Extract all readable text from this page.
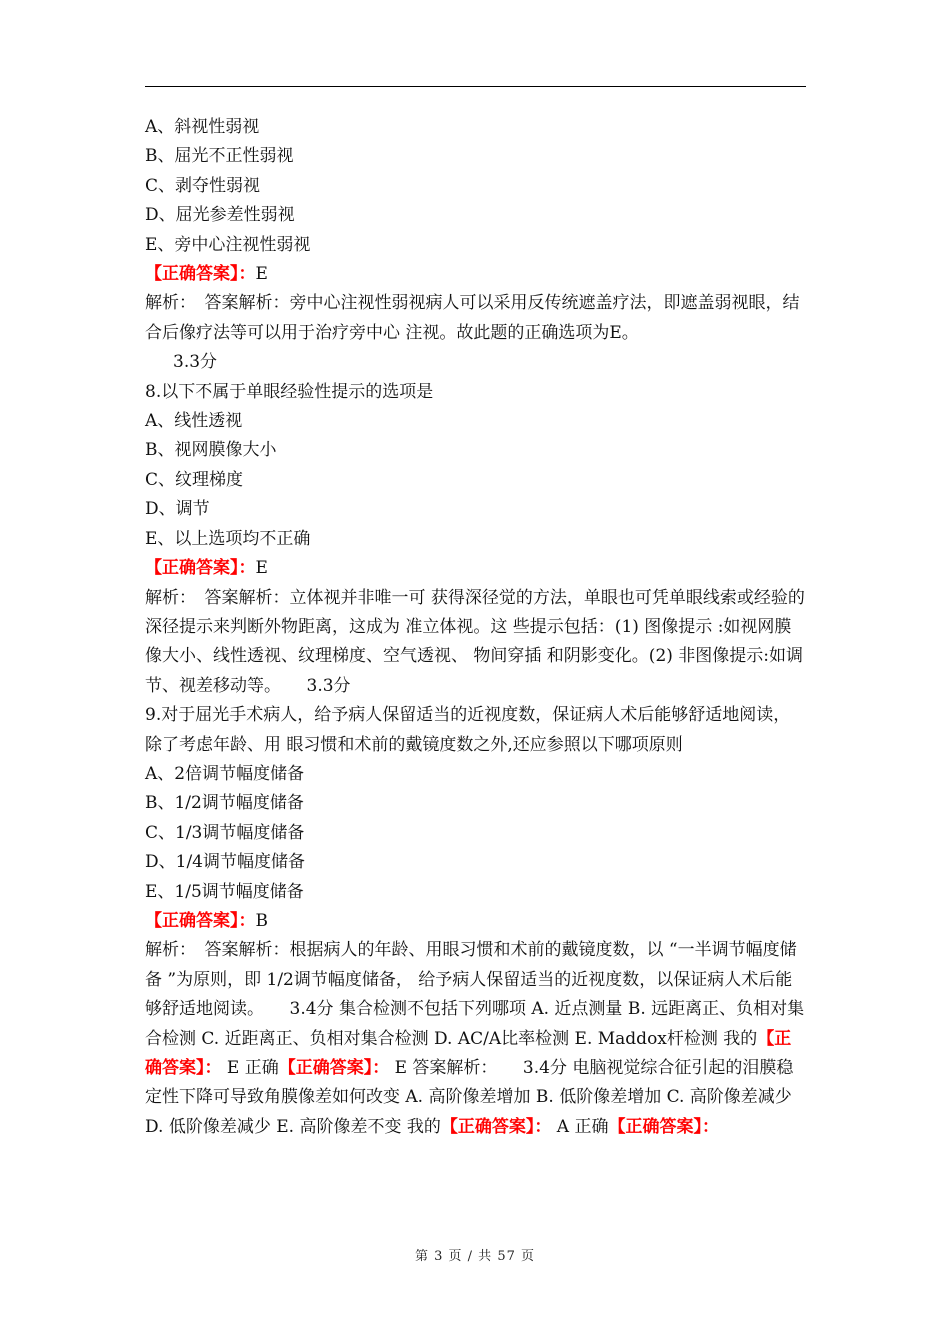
A、斜视性弱视
B、屈光不正性弱视
C、剥夺性弱视
D、屈光参差性弱视
E、旁中心注视性弱视
【正确答案】：E
解析：　答案解析：旁中心注视性弱视病人可以采用反传统遮盖疗法，即遮盖弱视眼，结合后像疗法等可以用于治疗旁中心 注视。故此题的正确选项为E。
3.3分
8.以下不属于单眼经验性提示的选项是
A、线性透视
B、视网膜像大小
C、纹理梯度
D、调节
E、以上选项均不正确
【正确答案】：E
解析：　答案解析：立体视并非唯一可 获得深径觉的方法，单眼也可凭单眼线索或经验的深径提示来判断外物距离，这成为 准立体视。这 些提示包括：(1) 图像提示 :如视网膜像大小、线性透视、纹理梯度、空气透视、 物间穿插 和阴影变化。(2) 非图像提示:如调节、视差移动等。　　3.3分
9.对于屈光手术病人，给予病人保留适当的近视度数，保证病人术后能够舒适地阅读，除了考虑年龄、用 眼习惯和术前的戴镜度数之外,还应参照以下哪项原则
A、2倍调节幅度储备
B、1/2调节幅度储备
C、1/3调节幅度储备
D、1/4调节幅度储备
E、1/5调节幅度储备
【正确答案】：B
解析：　答案解析：根据病人的年龄、用眼习惯和术前的戴镜度数，以 “一半调节幅度储备 ”为原则，即 1/2调节幅度储备， 给予病人保留适当的近视度数，以保证病人术后能够舒适地阅读。　　3.4分 集合检测不包括下列哪项 A. 近点测量 B. 远距离正、负相对集合检测 C. 近距离正、负相对集合检测 D. AC/A比率检测 E. Maddox杆检测 我的【正确答案】： E 正确【正确答案】： E 答案解析：　　3.4分 电脑视觉综合征引起的泪膜稳定性下降可导致角膜像差如何改变 A. 高阶像差增加 B. 低阶像差增加 C. 高阶像差减少 D. 低阶像差减少 E. 高阶像差不变 我的【正确答案】： A 正确【正确答案】：
第 3 页 / 共 57 页
